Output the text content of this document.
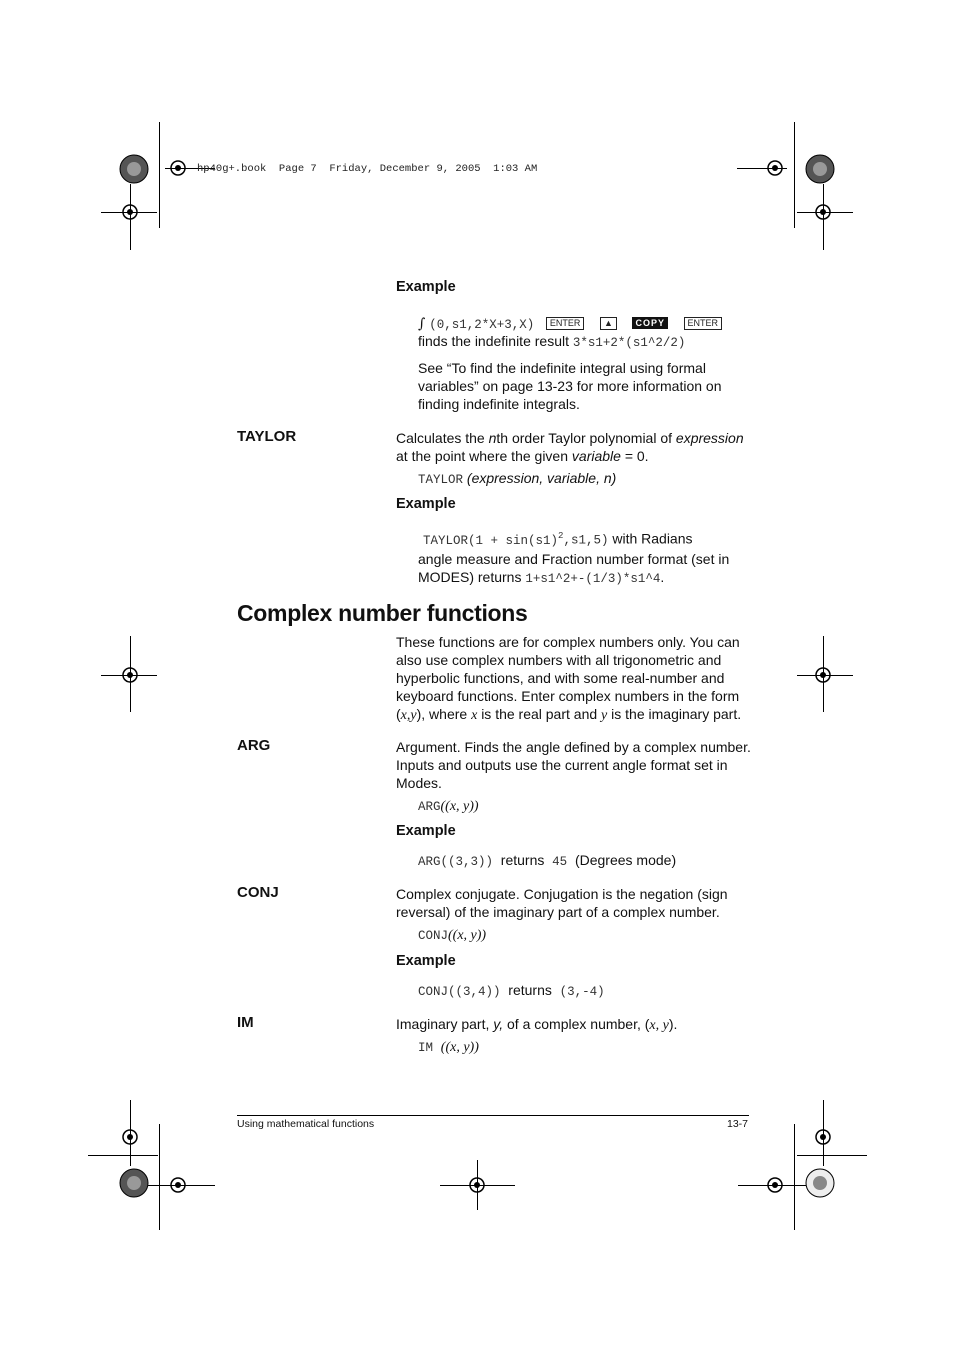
hp40g+.book  Page 7  Friday, December 9, 2005  1:03 AM
Example
∫ (0,s1,2*X+3,X) ENTER	▲	COPY	ENTER
finds the indefinite result 3*s1+2*(s1^2/2)
See “To find the indefinite integral using formal
variables” on page 13-23 for more information on
finding indefinite integrals.
TAYLOR	Calculates the nth order Taylor polynomial of expression
at the point where the given variable = 0.
TAYLOR (expression, variable, n)
Example
TAYLOR(1 + $\sin(s1)^2,s1,5$) with Radians
angle measure and Fraction number format (set in
MODES) returns 1+s1^2+-(1/3)*s1^4.
Complex number functions
These functions are for complex numbers only. You can
also use complex numbers with all trigonometric and
hyperbolic functions, and with some real-number and
keyboard functions. Enter complex numbers in the form
(x,y), where x is the real part and y is the imaginary part.
ARG	Argument. Finds the angle defined by a complex number.
Inputs and outputs use the current angle format set in
Modes.
ARG((x, y))
Example
ARG((3,3)) returns 45 (Degrees mode)
CONJ	Complex conjugate. Conjugation is the negation (sign
reversal) of the imaginary part of a complex number.
CONJ((x, y))
Example
CONJ((3,4)) returns (3,-4)
IM	Imaginary part, y, of a complex number, (x, y).
IM ((x, y))
Using mathematical functions	13-7
